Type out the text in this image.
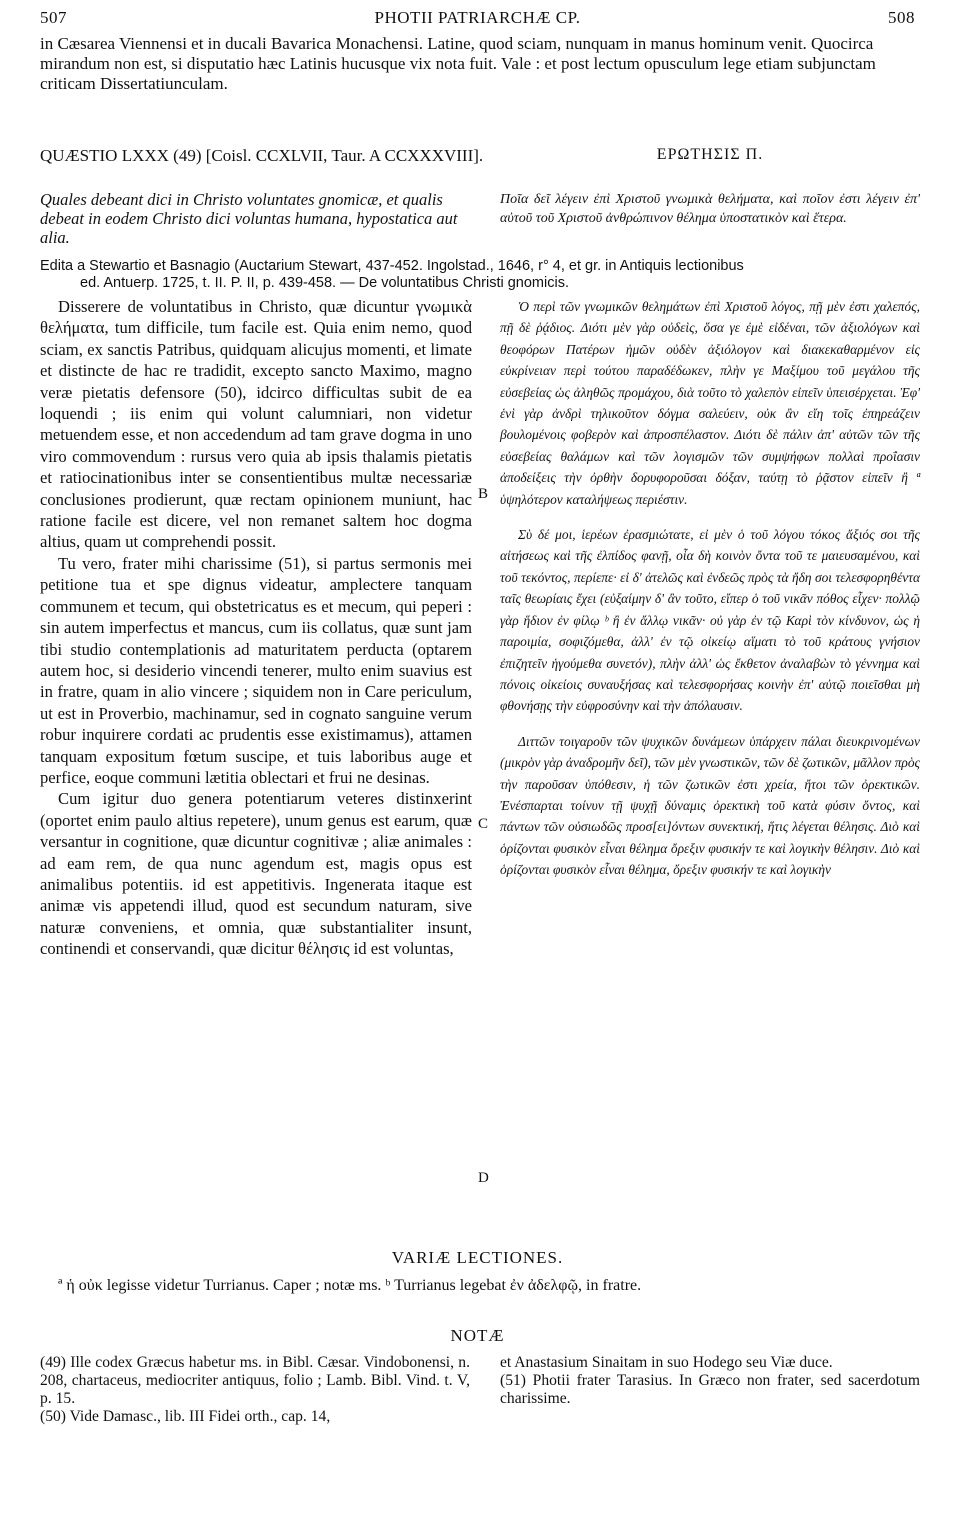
507	PHOTII PATRIARCHÆ CP.	508

in Cæsarea Viennensi et in ducali Bavarica Monachensi. Latine, quod sciam, nunquam in manus hominum venit. Quocirca mirandum non est, si disputatio hæc Latinis hucusque vix nota fuit. Vale : et post lectum opusculum lege etiam subjunctam criticam Dissertatiunculam.

QUÆSTIO LXXX (49) [Coisl. CCXLVII, Taur. A CCXXXVIII].	ΕΡΩΤΗΣΙΣ Π.
Quales debeant dici in Christo voluntates gnomicæ, et qualis debeat in eodem Christo dici voluntas humana, hypostatica aut alia.
Ποῖα δεῖ λέγειν ἐπὶ Χριστοῦ γνωμικὰ θελήματα, καὶ ποῖον ἐστι λέγειν ἐπ' αὐτοῦ τοῦ Χριστοῦ ἀνθρώπινον θέλημα ὑποστατικὸν καὶ ἕτερα.

Edita a Stewartio et Basnagio (Auctarium Stewart, 437-452. Ingolstad., 1646, r° 4, et gr. in Antiquis lectionibus

ed. Antuerp. 1725, t. II. P. II, p. 439-458. — De voluntatibus Christi gnomicis.

Disserere de voluntatibus in Christo, quæ dicuntur γνωμικὰ θελήματα, tum difficile, tum facile est. Quia enim nemo, quod sciam, ex sanctis Patribus, quidquam alicujus momenti, et limate et distincte de hac re tradidit, excepto sancto Maximo, magno veræ pietatis defensore (50), idcirco difficultas subit de ea loquendi ; iis enim qui volunt calumniari, non videtur metuendem esse, et non accedendum ad tam grave dogma in uno viro commovendum : rursus vero quia ab ipsis thalamis pietatis et ratiocinationibus inter se consentientibus multæ necessariæ conclusiones prodierunt, quæ rectam opinionem muniunt, hac ratione facile est dicere, vel non remanet saltem hoc dogma altius, quam ut comprehendi possit.

Tu vero, frater mihi charissime (51), si partus sermonis mei petitione tua et spe dignus videatur, amplectere tanquam communem et tecum, qui obstetricatus es et mecum, qui peperi : sin autem imperfectus et mancus, cum iis collatus, quæ sunt jam tibi studio contemplationis ad maturitatem perducta (optarem autem hoc, si desiderio vincendi tenerer, multo enim suavius est in fratre, quam in alio vincere ; siquidem non in Care periculum, ut est in Proverbio, machinamur, sed in cognato sanguine verum robur inquirere cordati ac prudentis esse existimamus), attamen tanquam expositum fœtum suscipe, et tuis laboribus auge et perfice, eoque communi lætitia oblectari et frui ne desinas.

Cum igitur duo genera potentiarum veteres distinxerint (oportet enim paulo altius repetere), unum genus est earum, quæ versantur in cognitione, quæ dicuntur cognitivæ ; aliæ animales : ad eam rem, de qua nunc agendum est, magis opus est animalibus potentiis. id est appetitivis. Ingenerata itaque est animæ vis appetendi illud, quod est secundum naturam, sive naturæ conveniens, et omnia, quæ substantialiter insunt, continendi et conservandi, quæ dicitur θέλησις id est voluntas,

B
C
D

Ὁ περὶ τῶν γνωμικῶν θελημάτων ἐπὶ Χριστοῦ λόγος, πῇ μὲν ἐστι χαλεπός, πῇ δὲ ῥᾴδιος. Διότι μὲν γὰρ οὐδεὶς, ὅσα γε ἐμὲ εἰδέναι, τῶν ἀξιολόγων καὶ θεοφόρων Πατέρων ἡμῶν οὐδὲν ἀξιόλογον καὶ διακεκαθαρμένον εἰς εὐκρίνειαν περὶ τούτου παραδέδωκεν, πλὴν γε Μαξίμου τοῦ μεγάλου τῆς εὐσεβείας ὡς ἀληθῶς προμάχου, διὰ τοῦτο τὸ χαλεπὸν εἰπεῖν ὑπεισέρχεται. Ἐφ' ἑνὶ γὰρ ἀνδρὶ τηλικοῦτον δόγμα σαλεύειν, οὐκ ἂν εἴη τοῖς ἐπηρεάζειν βουλομένοις φοβερὸν καὶ ἀπροσπέλαστον. Διότι δὲ πάλιν ἀπ' αὐτῶν τῶν τῆς εὐσεβείας θαλάμων καὶ τῶν λογισμῶν τῶν συμψήφων πολλαὶ προΐασιν ἀποδείξεις τὴν ὀρθὴν δορυφοροῦσαι δόξαν, ταύτῃ τὸ ῥᾷστον εἰπεῖν ἢ ª ὑψηλότερον καταλήψεως περιέστιν.

Σὺ δέ μοι, ἱερέων ἐρασμιώτατε, εἰ μὲν ὁ τοῦ λόγου τόκος ἄξιός σοι τῆς αἰτήσεως καὶ τῆς ἐλπίδος φανῇ, οἷα δὴ κοινὸν ὄντα τοῦ τε μαιευσαμένου, καὶ τοῦ τεκόντος, περίεπε· εἰ δ' ἀτελῶς καὶ ἐνδεῶς πρὸς τὰ ἤδη σοι τελεσφορηθέντα ταῖς θεωρίαις ἔχει (εὐξαίμην δ' ἂν τοῦτο, εἴπερ ὁ τοῦ νικᾶν πόθος εἶχεν· πολλῷ γὰρ ἥδιον ἐν φίλῳ ᵇ ἢ ἐν ἄλλῳ νικᾶν· οὐ γὰρ ἐν τῷ Καρὶ τὸν κίνδυνον, ὡς ἡ παροιμία, σοφιζόμεθα, ἀλλ' ἐν τῷ οἰκείῳ αἵματι τὸ τοῦ κράτους γνήσιον ἐπιζητεῖν ἡγούμεθα συνετόν), πλὴν ἀλλ' ὡς ἔκθετον ἀναλαβὼν τὸ γέννημα καὶ πόνοις οἰκείοις συναυξήσας καὶ τελεσφορήσας κοινὴν ἐπ' αὐτῷ ποιεῖσθαι μὴ φθονήσῃς τὴν εὐφροσύνην καὶ τὴν ἀπόλαυσιν.

Διττῶν τοιγαροῦν τῶν ψυχικῶν δυνάμεων ὑπάρχειν πάλαι διευκρινομένων (μικρὸν γὰρ ἀναδρομῆν δεῖ), τῶν μὲν γνωστικῶν, τῶν δὲ ζωτικῶν, μᾶλλον πρὸς τὴν παροῦσαν ὑπόθεσιν, ἡ τῶν ζωτικῶν ἐστι χρεία, ἤτοι τῶν ὀρεκτικῶν. Ἐνέσπαρται τοίνυν τῇ ψυχῇ δύναμις ὀρεκτικὴ τοῦ κατὰ φύσιν ὄντος, καὶ πάντων τῶν οὐσιωδῶς προσ[ει]όντων συνεκτική, ἥτις λέγεται θέλησις. Διὸ καὶ ὁρίζονται φυσικὸν εἶναι θέλημα ὄρεξιν φυσικήν τε καὶ λογικὴν θέλησιν. Διὸ καὶ ὁρίζονται φυσικὸν εἶναι θέλημα, ὄρεξιν φυσικήν τε καὶ λογικὴν

VARIÆ LECTIONES.
ª ἡ οὐκ legisse videtur Turrianus. Caper ; notæ ms. ᵇ Turrianus legebat ἐν ἀδελφῷ, in fratre.
NOTÆ

(49) Ille codex Græcus habetur ms. in Bibl. Cæsar. Vindobonensi, n. 208, chartaceus, mediocriter antiquus, folio ; Lamb. Bibl. Vind. t. V, p. 15.

(50) Vide Damasc., lib. III Fidei orth., cap. 14,

et Anastasium Sinaitam in suo Hodego seu Viæ duce.

(51) Photii frater Tarasius. In Græco non frater, sed sacerdotum charissime.
